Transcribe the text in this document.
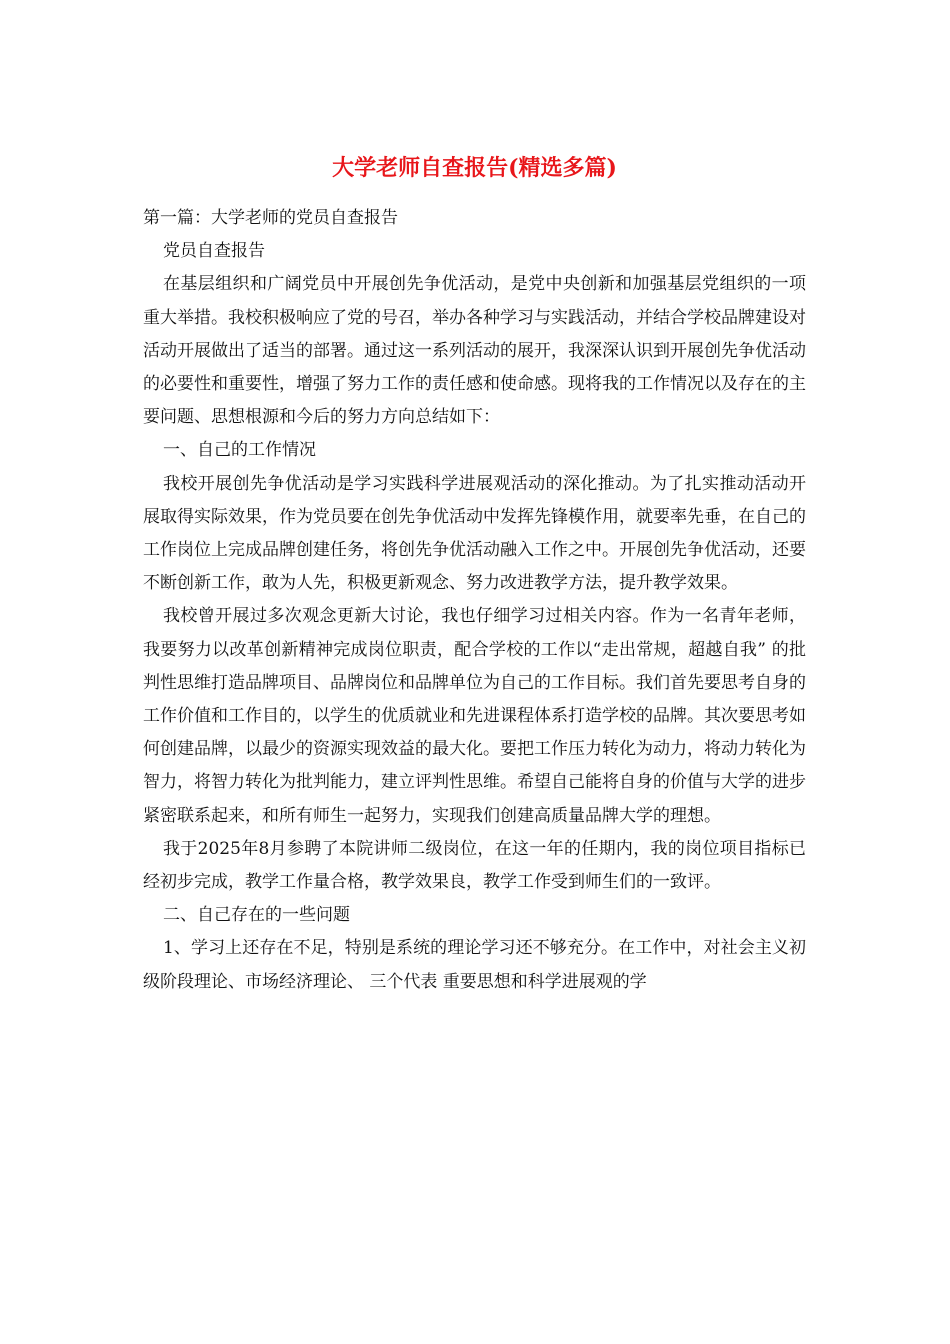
大学老师自查报告(精选多篇)

第一篇：大学老师的党员自查报告

党员自查报告

在基层组织和广阔党员中开展创先争优活动，是党中央创新和加强基层党组织的一项重大举措。我校积极响应了党的号召，举办各种学习与实践活动，并结合学校品牌建设对活动开展做出了适当的部署。通过这一系列活动的展开，我深深认识到开展创先争优活动的必要性和重要性，增强了努力工作的责任感和使命感。现将我的工作情况以及存在的主要问题、思想根源和今后的努力方向总结如下：

一、自己的工作情况

我校开展创先争优活动是学习实践科学进展观活动的深化推动。为了扎实推动活动开展取得实际效果，作为党员要在创先争优活动中发挥先锋模作用，就要率先垂，在自己的工作岗位上完成品牌创建任务，将创先争优活动融入工作之中。开展创先争优活动，还要不断创新工作，敢为人先，积极更新观念、努力改进教学方法，提升教学效果。

我校曾开展过多次观念更新大讨论，我也仔细学习过相关内容。作为一名青年老师，我要努力以改革创新精神完成岗位职责，配合学校的工作以“走出常规，超越自我” 的批判性思维打造品牌项目、品牌岗位和品牌单位为自己的工作目标。我们首先要思考自身的工作价值和工作目的，以学生的优质就业和先进课程体系打造学校的品牌。其次要思考如何创建品牌，以最少的资源实现效益的最大化。要把工作压力转化为动力，将动力转化为智力，将智力转化为批判能力，建立评判性思维。希望自己能将自身的价值与大学的进步紧密联系起来，和所有师生一起努力，实现我们创建高质量品牌大学的理想。

我于2025年8月参聘了本院讲师二级岗位，在这一年的任期内，我的岗位项目指标已经初步完成，教学工作量合格，教学效果良，教学工作受到师生们的一致评。

二、自己存在的一些问题

1、学习上还存在不足，特别是系统的理论学习还不够充分。在工作中，对社会主义初级阶段理论、市场经济理论、 三个代表 重要思想和科学进展观的学
